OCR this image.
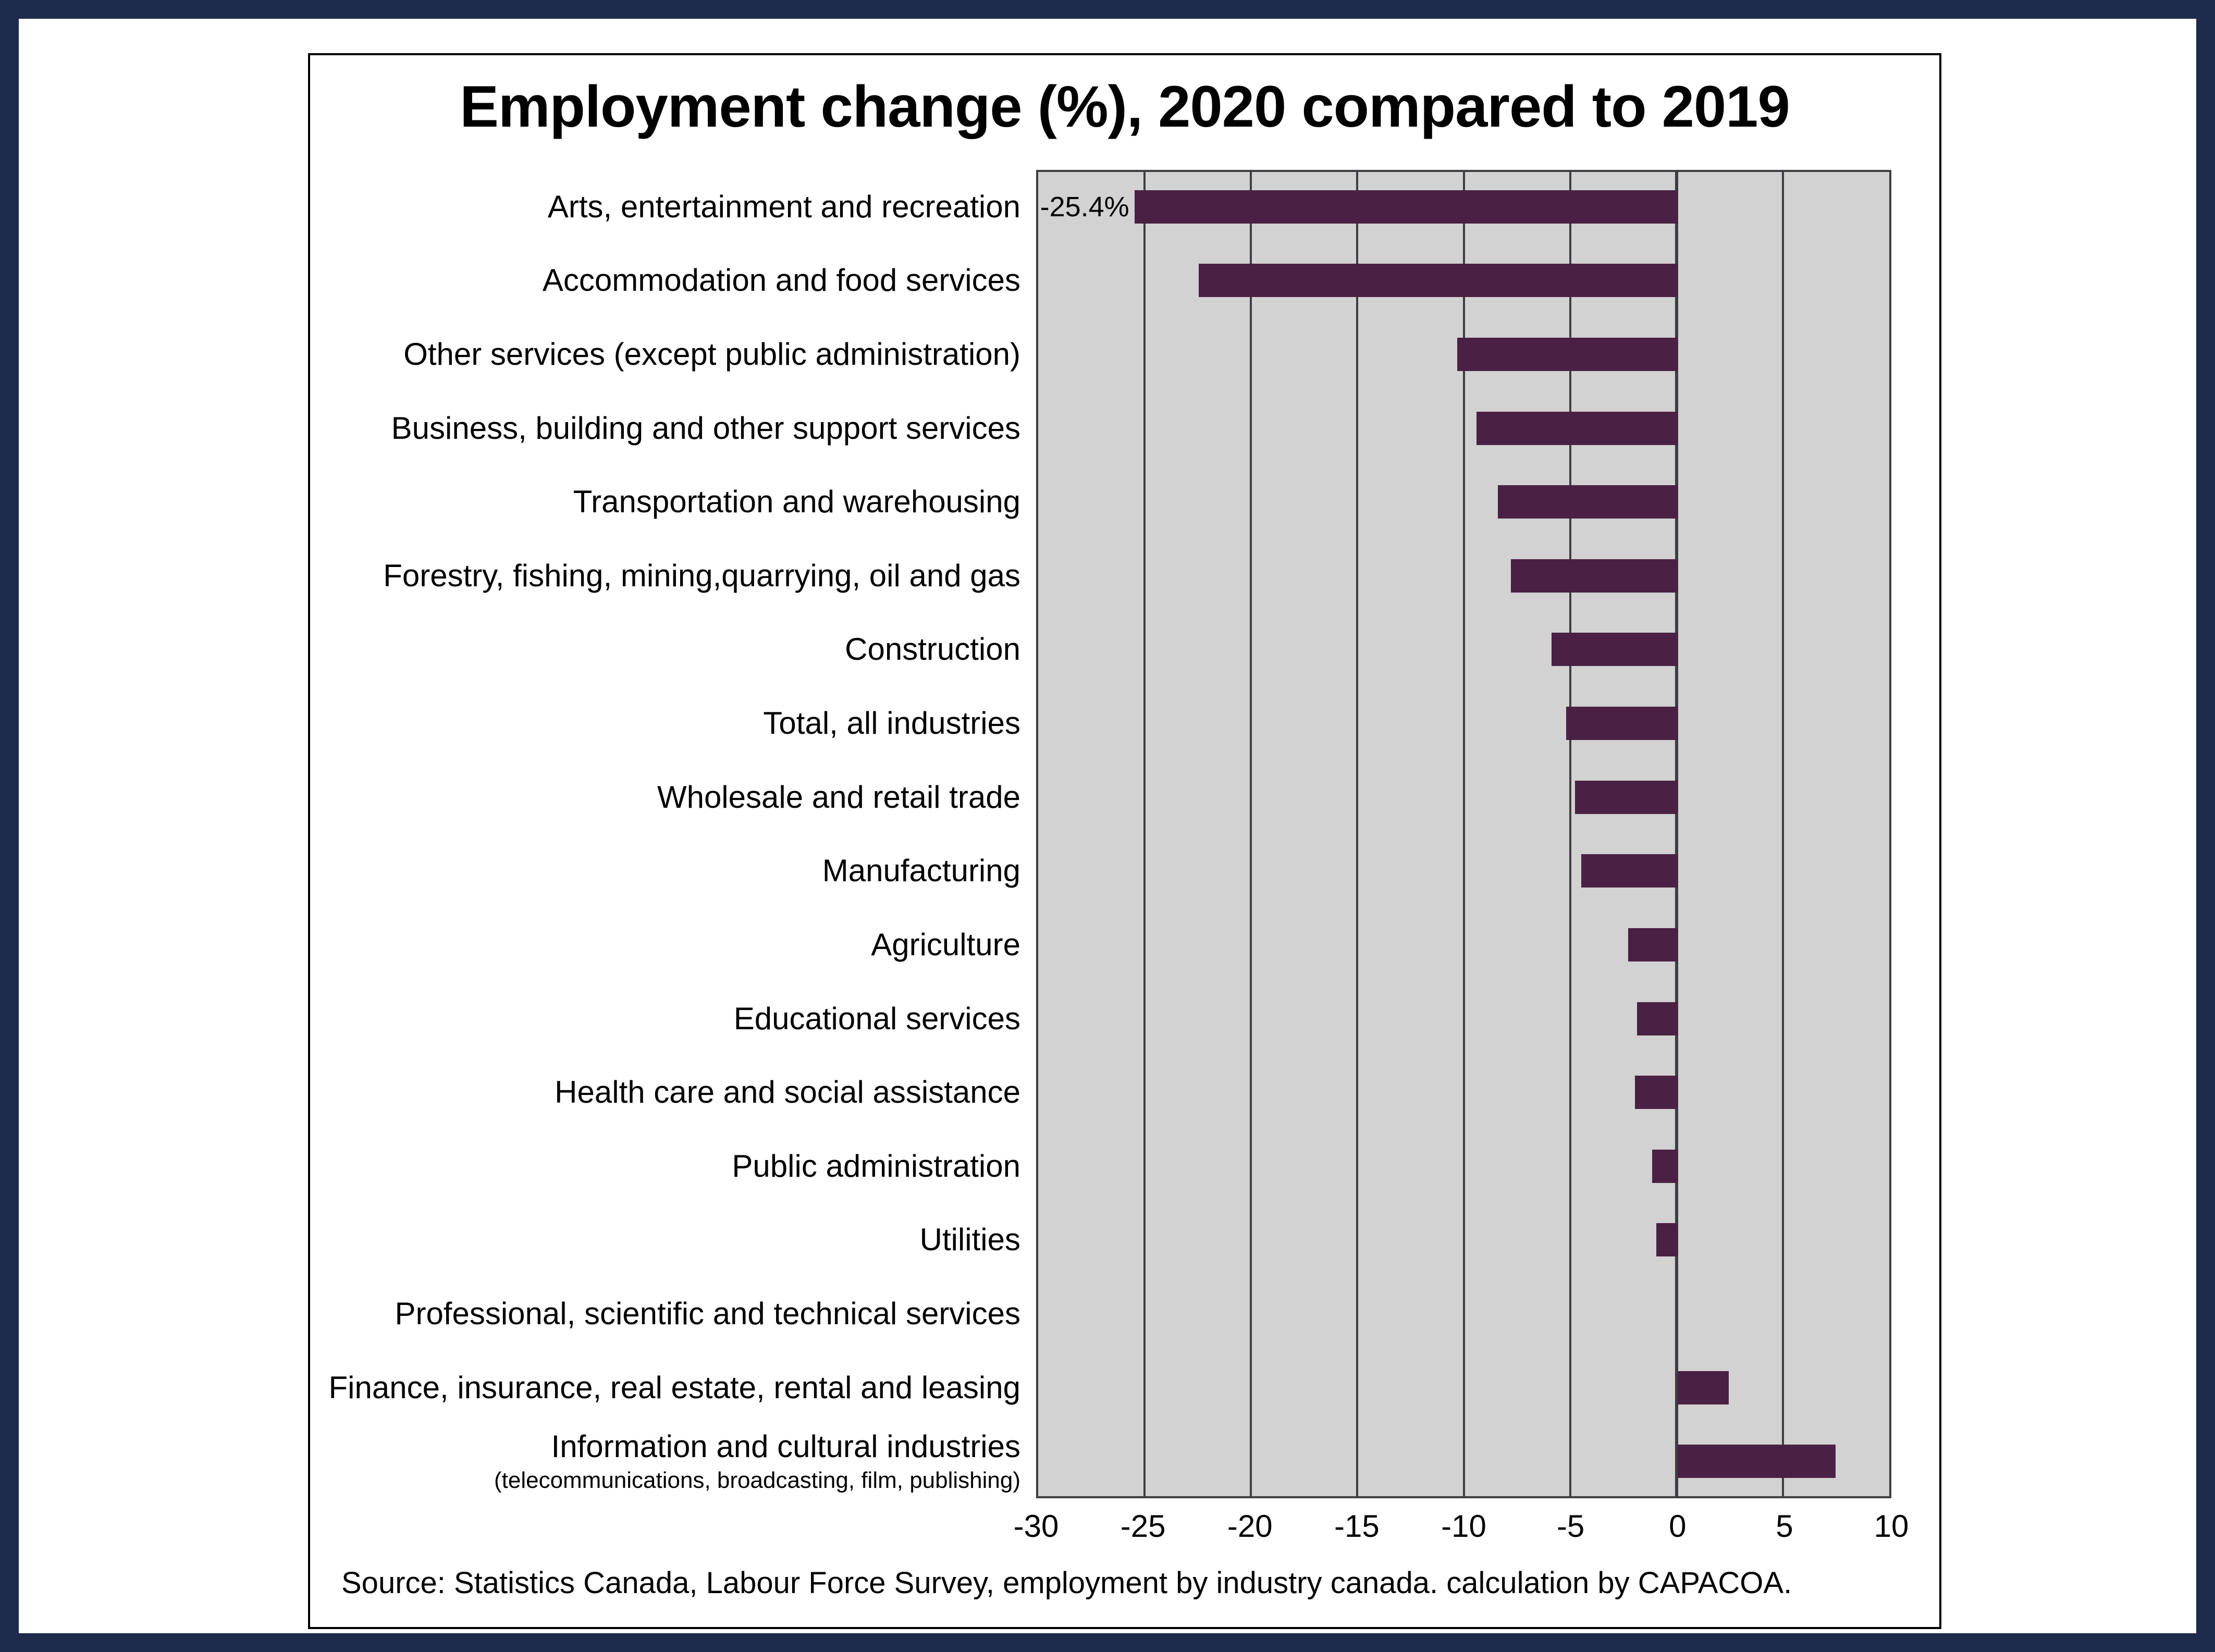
Employment change (%), 2020 compared to 2019
Arts, entertainment and recreation -25.4%
Accommodation and food services
Other services (except public administration)
Business, building and other support services
Transportation and warehousing
Forestry, fishing, mining,quarrying, oil and gas
Construction
Total, all industries
Wholesale and retail trade
Manufacturing
Agriculture
Educational services
Health care and social assistance
Public administration
Utilities
Professional, scientific and technical services
Finance, insurance, real estate, rental and leasing
Information and cultural industries
(telecommunications, broadcasting, film, publishing)
-30 -25 -20 -15 -10 -5	0	5	10
Source: Statistics Canada, Labour Force Survey, employment by industry canada. calculation by CAPACOA.
